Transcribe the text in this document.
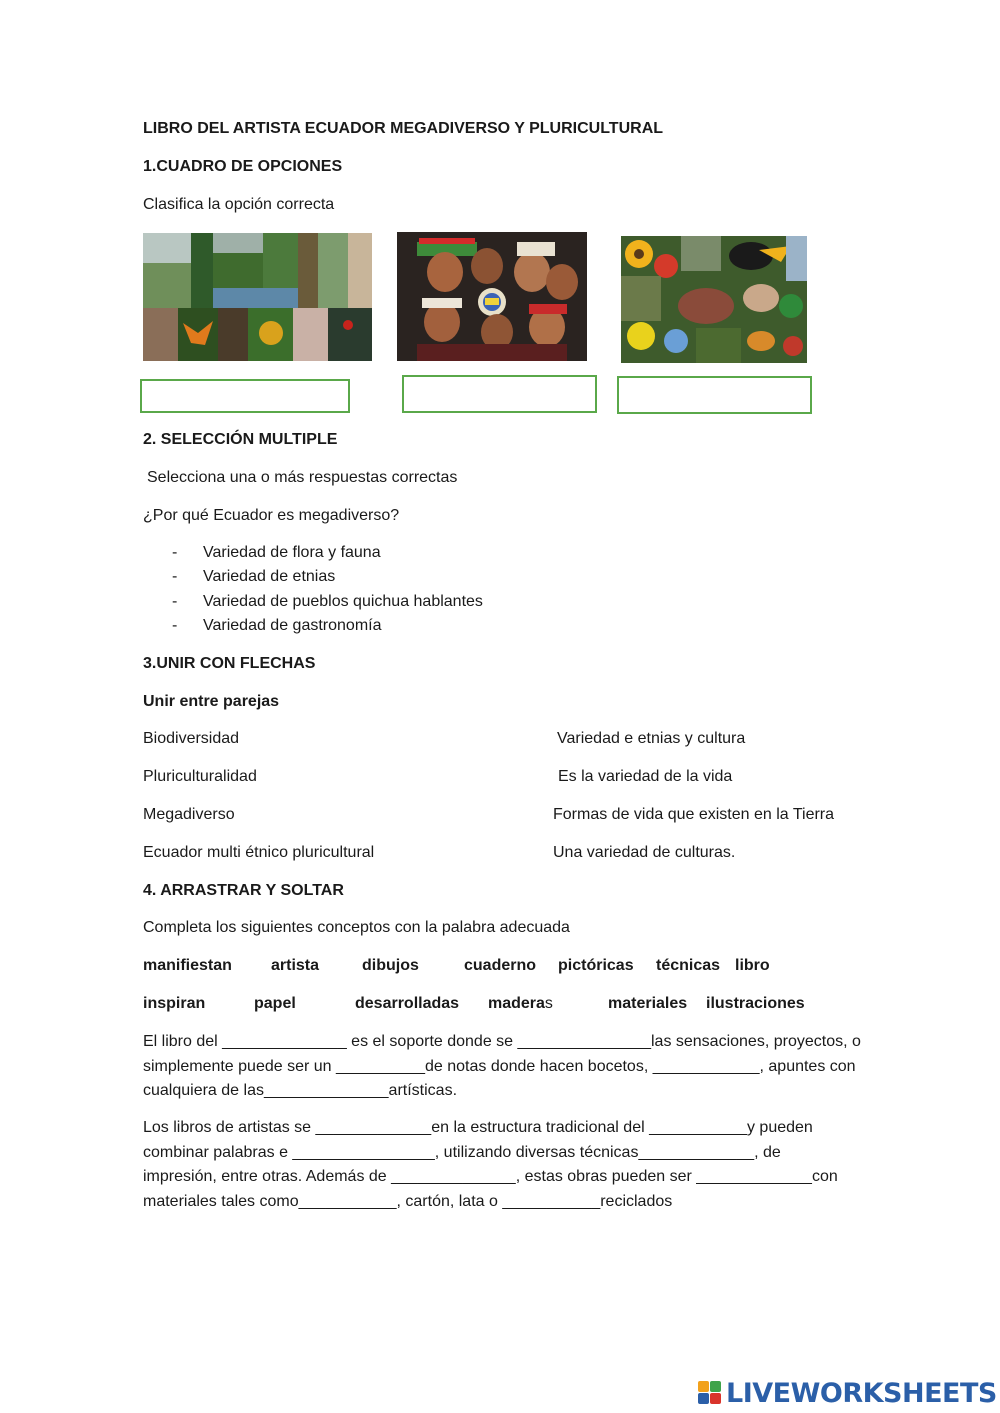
LIBRO DEL ARTISTA ECUADOR MEGADIVERSO Y PLURICULTURAL
1.CUADRO DE OPCIONES
Clasifica la opción correcta
2. SELECCIÓN MULTIPLE
Selecciona una o más respuestas correctas
¿Por qué Ecuador es megadiverso?
- Variedad de flora y fauna
- Variedad de etnias
- Variedad de pueblos quichua hablantes
- Variedad de gastronomía
3.UNIR CON FLECHAS
Unir entre parejas
Biodiversidad	Variedad e etnias y cultura
Pluriculturalidad	Es la variedad de la vida
Megadiverso	Formas de vida que existen en la Tierra
Ecuador multi étnico pluricultural	Una variedad de culturas.
4. ARRASTRAR Y SOLTAR
Completa los siguientes conceptos con la palabra adecuada
manifiestan artista	dibujos	cuaderno pictóricas técnicas libro
inspiran	papel	desarrolladas maderas	materiales ilustraciones
El libro del ______________ es el soporte donde se _______________las sensaciones, proyectos, o simplemente puede ser un __________de notas donde hacen bocetos, ____________, apuntes con cualquiera de las______________artísticas.
Los libros de artistas se _____________en la estructura tradicional del ___________y pueden combinar palabras e ________________, utilizando diversas técnicas_____________, de impresión, entre otras. Además de ______________, estas obras pueden ser _____________con materiales tales como___________, cartón, lata o ___________reciclados
LIVEWORKSHEETS
